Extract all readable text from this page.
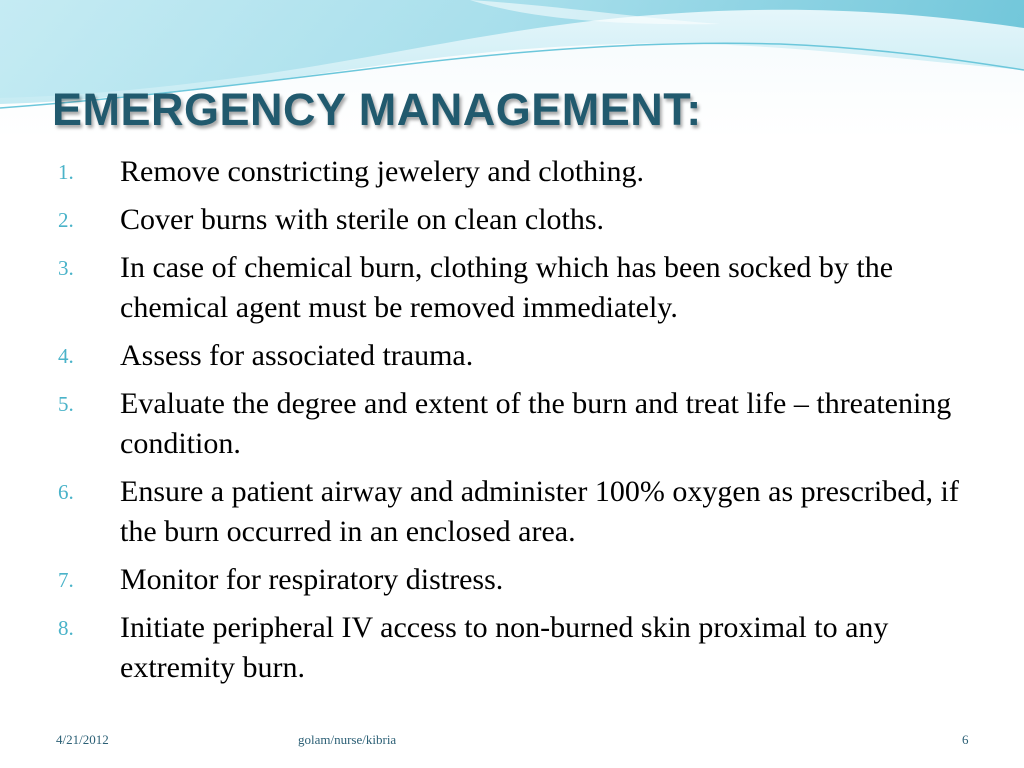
EMERGENCY MANAGEMENT:
1. Remove constricting jewelery and clothing.
2. Cover burns with sterile on clean cloths.
3. In case of chemical burn, clothing which has been socked by the chemical agent must be removed immediately.
4. Assess for associated trauma.
5. Evaluate the degree and extent of the burn and treat life – threatening condition.
6. Ensure a patient airway and administer 100% oxygen as prescribed, if the burn occurred in an enclosed area.
7. Monitor for respiratory distress.
8. Initiate peripheral IV access to non-burned skin proximal to any extremity burn.
4/21/2012	golam/nurse/kibria	6
